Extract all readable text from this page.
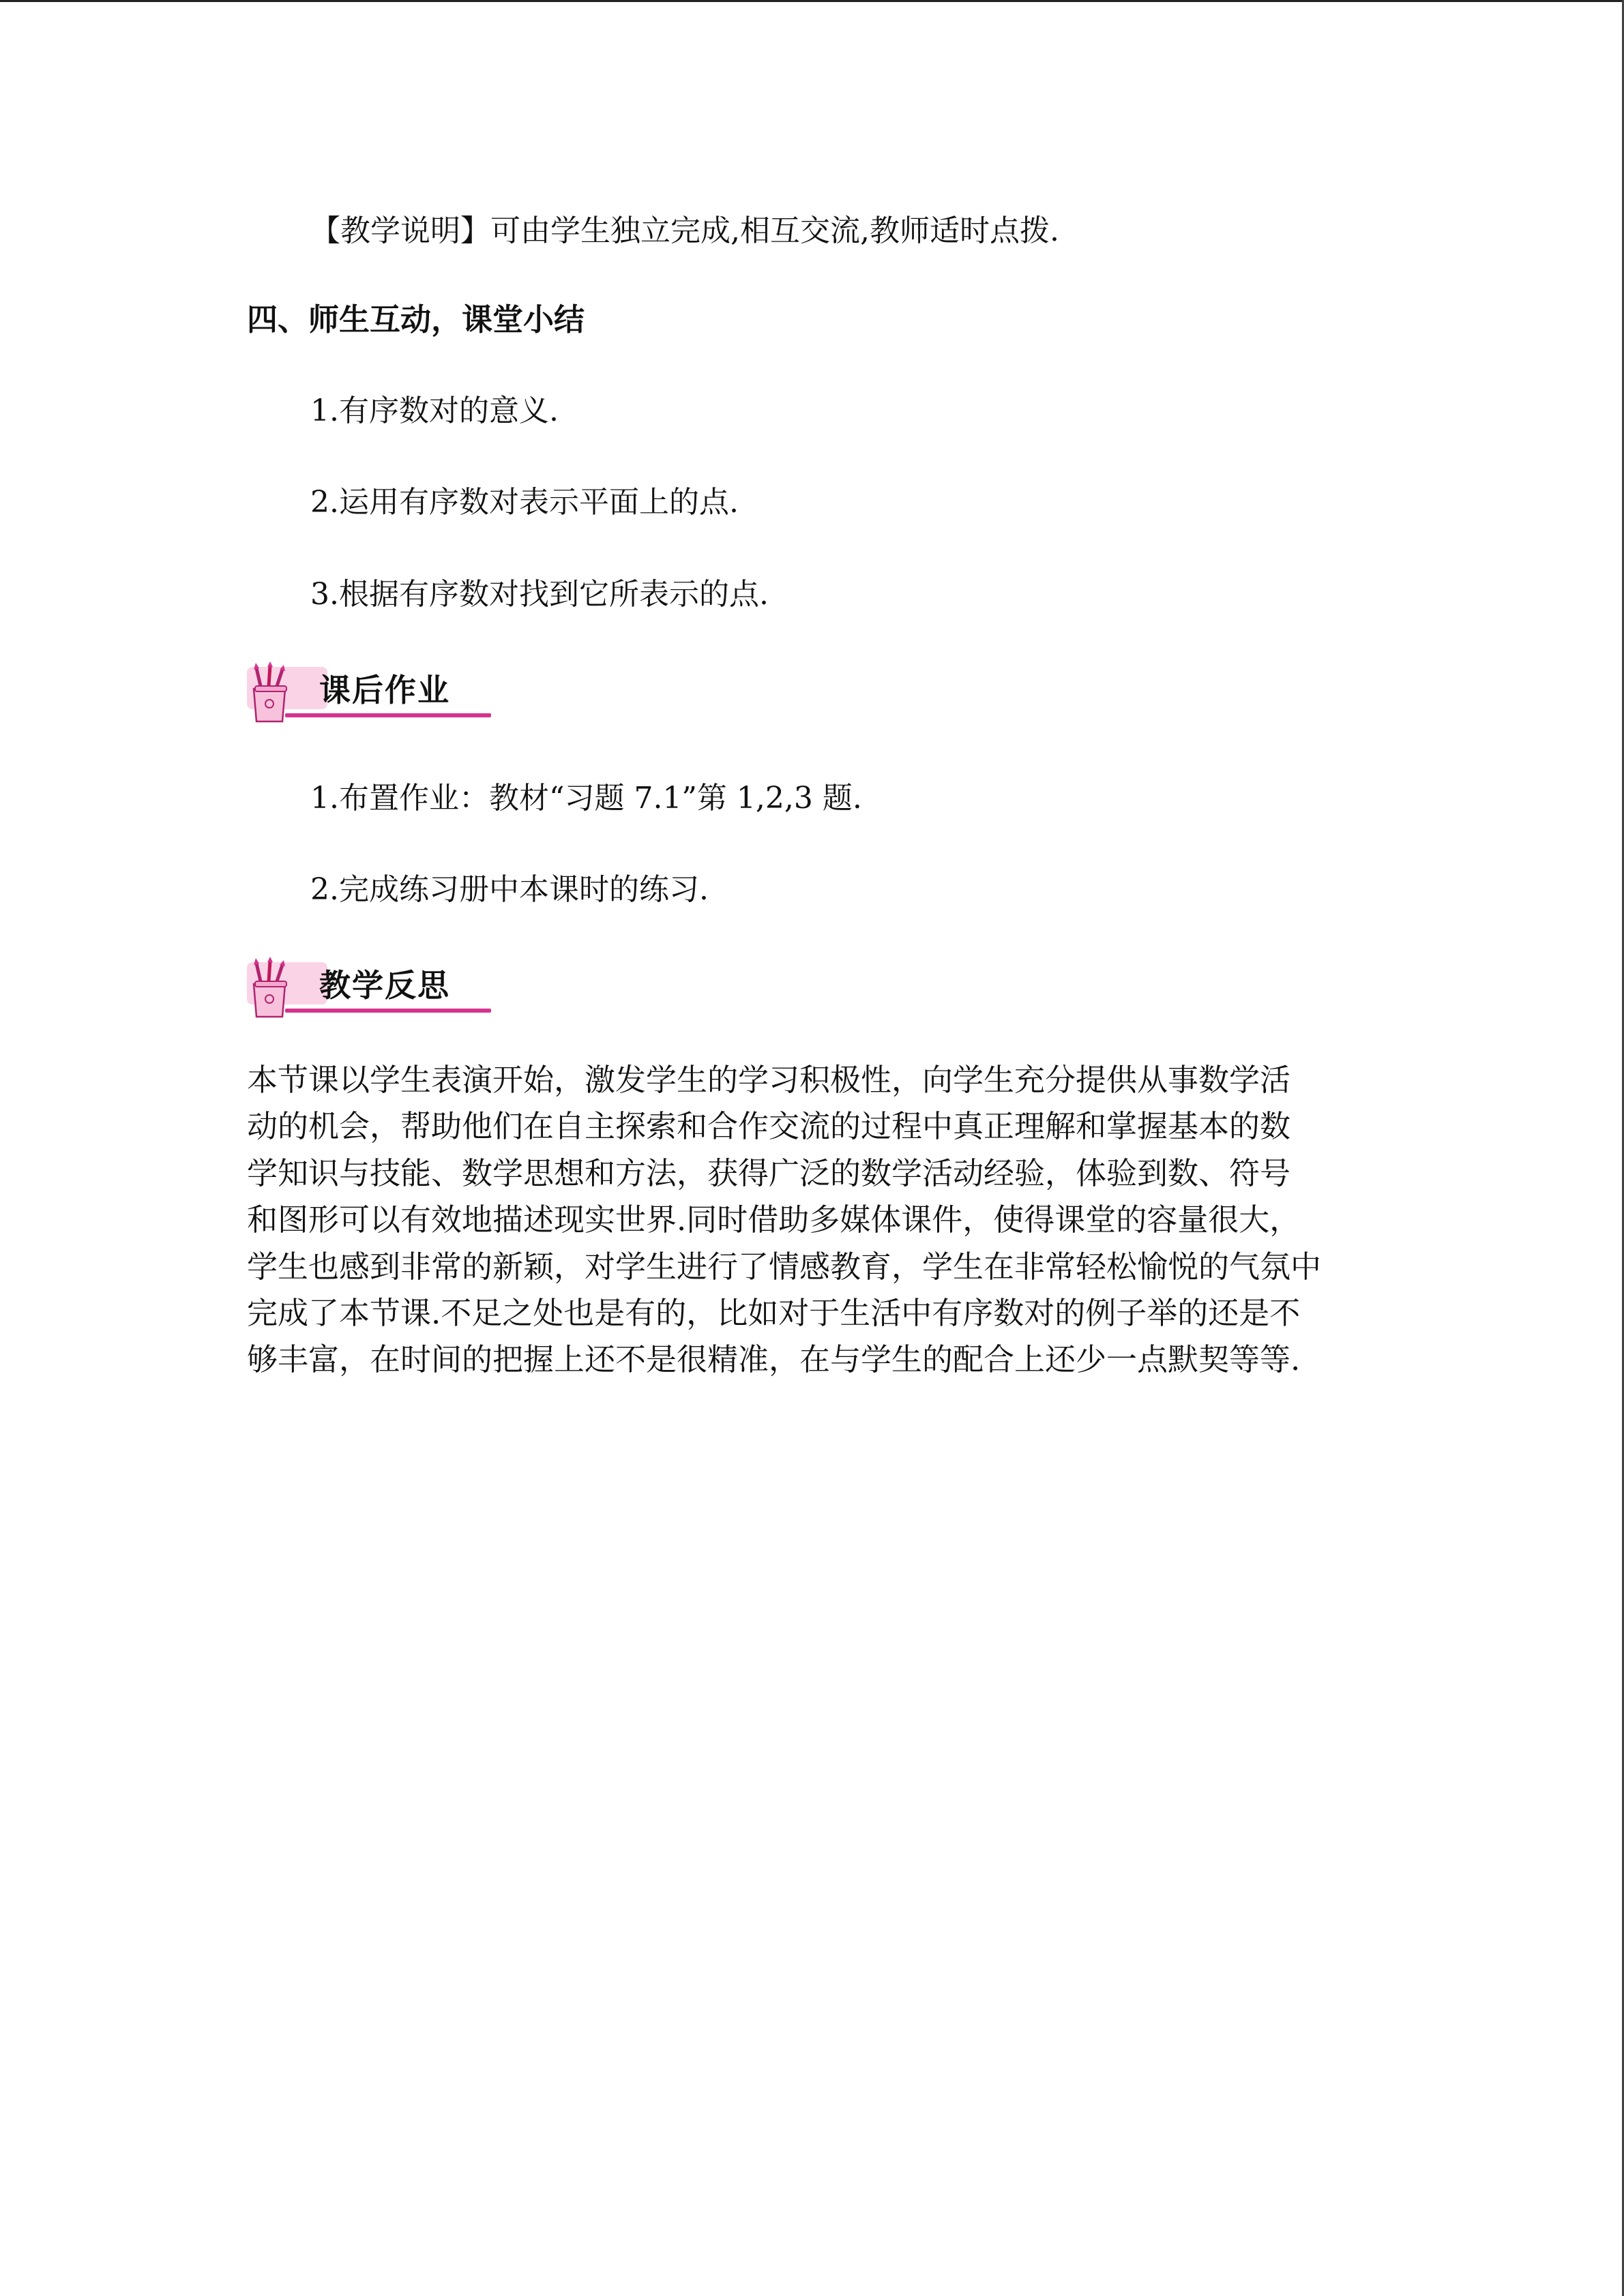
【教学说明】可由学生独立完成,相互交流,教师适时点拨.

四、师生互动，课堂小结

1.有序数对的意义.

2.运用有序数对表示平面上的点.

3.根据有序数对找到它所表示的点.

课后作业

1.布置作业：教材“习题 7.1”第 1,2,3 题.

2.完成练习册中本课时的练习.

教学反思
本节课以学生表演开始，激发学生的学习积极性，向学生充分提供从事数学活
动的机会，帮助他们在自主探索和合作交流的过程中真正理解和掌握基本的数
学知识与技能、数学思想和方法，获得广泛的数学活动经验，体验到数、符号
和图形可以有效地描述现实世界.同时借助多媒体课件，使得课堂的容量很大，
学生也感到非常的新颖，对学生进行了情感教育，学生在非常轻松愉悦的气氛中
完成了本节课.不足之处也是有的，比如对于生活中有序数对的例子举的还是不
够丰富，在时间的把握上还不是很精准，在与学生的配合上还少一点默契等等.
